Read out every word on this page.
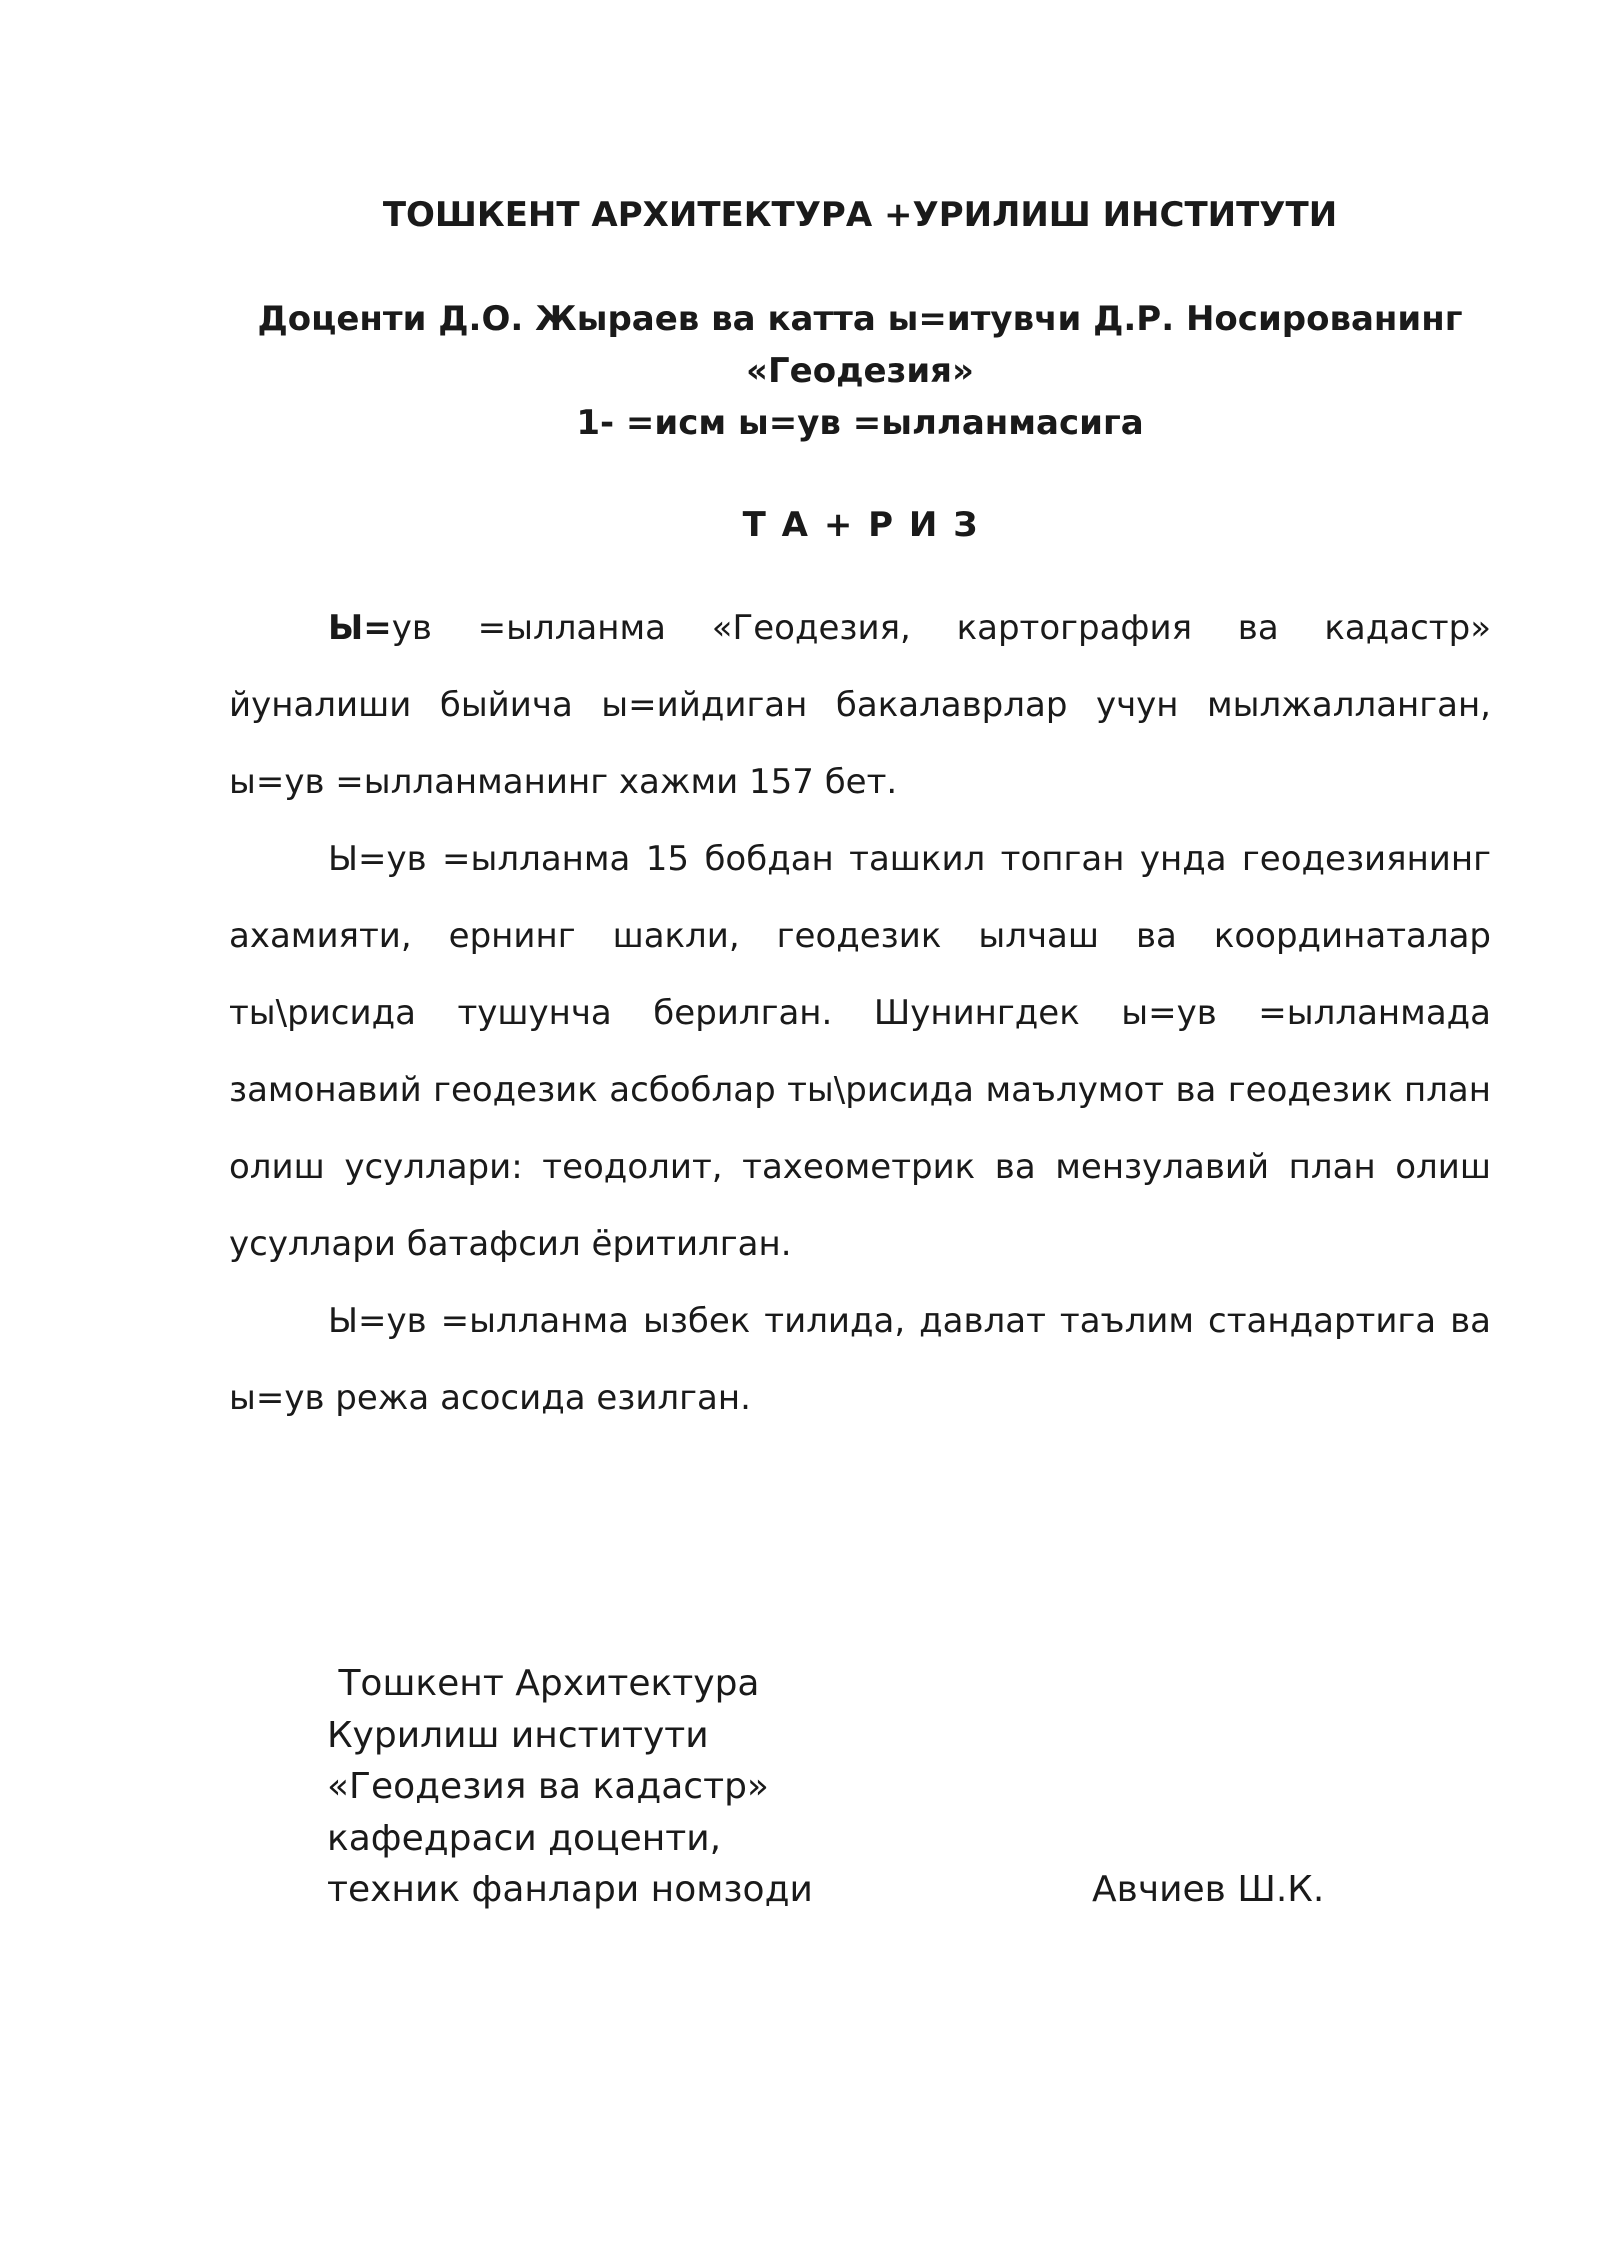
ТОШКЕНТ АРХИТЕКТУРА +УРИЛИШ ИНСТИТУТИ
Доценти Д.О. Жыраев ва катта ы=итувчи Д.Р. Носированинг
«Геодезия»
1- =исм ы=ув =ылланмасига
Т А + Р И З

Ы=ув =ылланма «Геодезия, картография ва кадастр» йуналиши быйича ы=ийдиган бакалаврлар учун мылжалланган, ы=ув =ылланманинг хажми 157 бет.

Ы=ув =ылланма 15 бобдан ташкил топган унда геодезиянинг ахамияти, ернинг шакли, геодезик ылчаш ва координаталар ты\рисида тушунча берилган. Шунингдек ы=ув =ылланмада замонавий геодезик асбоблар ты\рисида маълумот ва геодезик план олиш усуллари: теодолит, тахеометрик ва мензулавий план олиш усуллари батафсил ёритилган.

Ы=ув =ылланма ызбек тилида, давлат таълим стандартига ва ы=ув режа асосида езилган.

Тошкент Архитектура
Курилиш институти
«Геодезия ва кадастр»
кафедраси доценти,
техник фанлари номзоди	Авчиев Ш.К.
